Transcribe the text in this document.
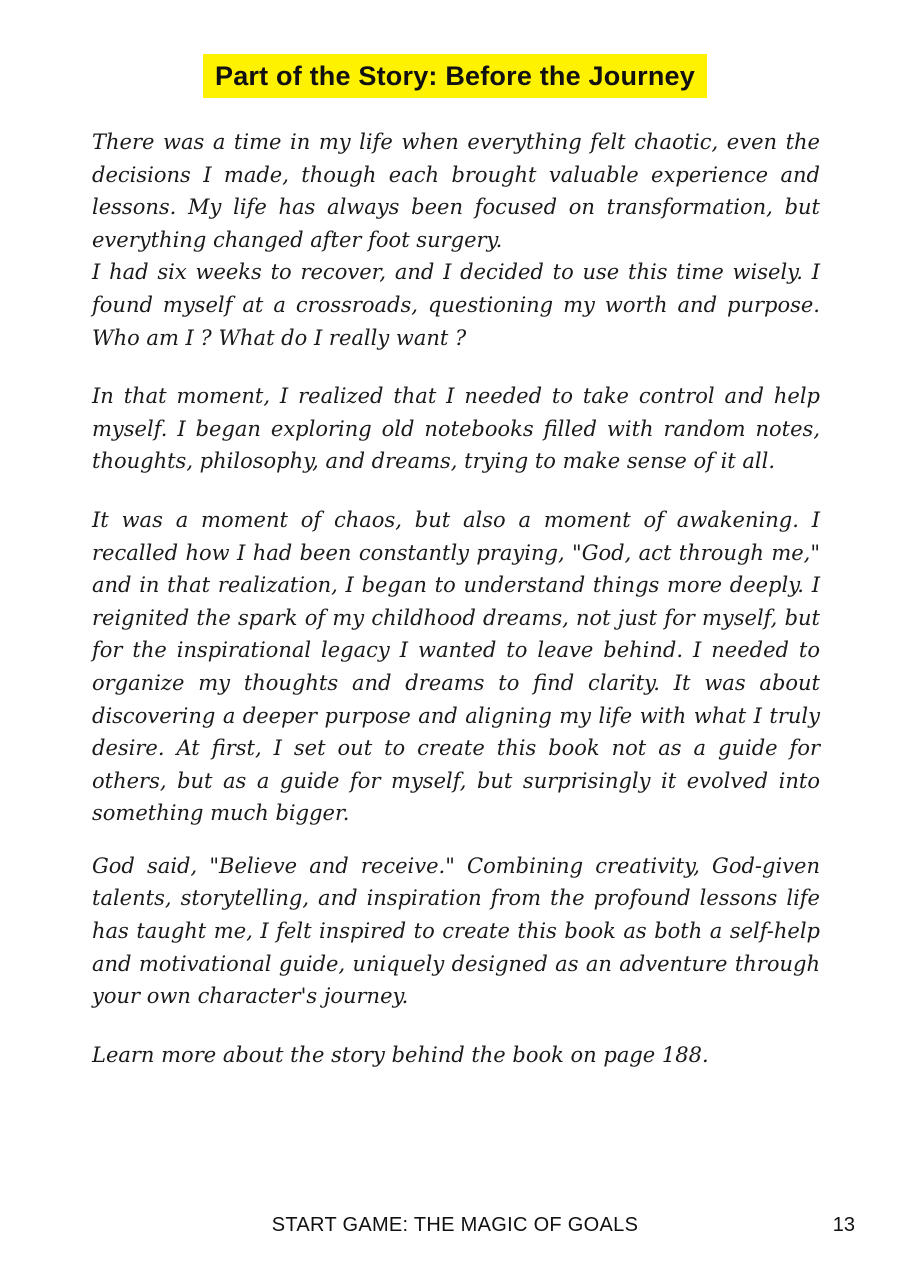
Part of the Story: Before the Journey

There was a time in my life when everything felt chaotic, even the decisions I made, though each brought valuable experience and lessons. My life has always been focused on transformation, but everything changed after foot surgery.

I had six weeks to recover, and I decided to use this time wisely. I found myself at a crossroads, questioning my worth and purpose. Who am I ? What do I really want ?

In that moment, I realized that I needed to take control and help myself. I began exploring old notebooks filled with random notes, thoughts, philosophy, and dreams, trying to make sense of it all.

It was a moment of chaos, but also a moment of awakening. I recalled how I had been constantly praying, "God, act through me," and in that realization, I began to understand things more deeply. I reignited the spark of my childhood dreams, not just for myself, but for the inspirational legacy I wanted to leave behind. I needed to organize my thoughts and dreams to find clarity. It was about discovering a deeper purpose and aligning my life with what I truly desire. At first, I set out to create this book not as a guide for others, but as a guide for myself, but surprisingly it evolved into something much bigger.

God said, "Believe and receive." Combining creativity, God-given talents, storytelling, and inspiration from the profound lessons life has taught me, I felt inspired to create this book as both a self-help and motivational guide, uniquely designed as an adventure through your own character's journey.

Learn more about the story behind the book on page 188.

START GAME: THE MAGIC OF GOALS	13
